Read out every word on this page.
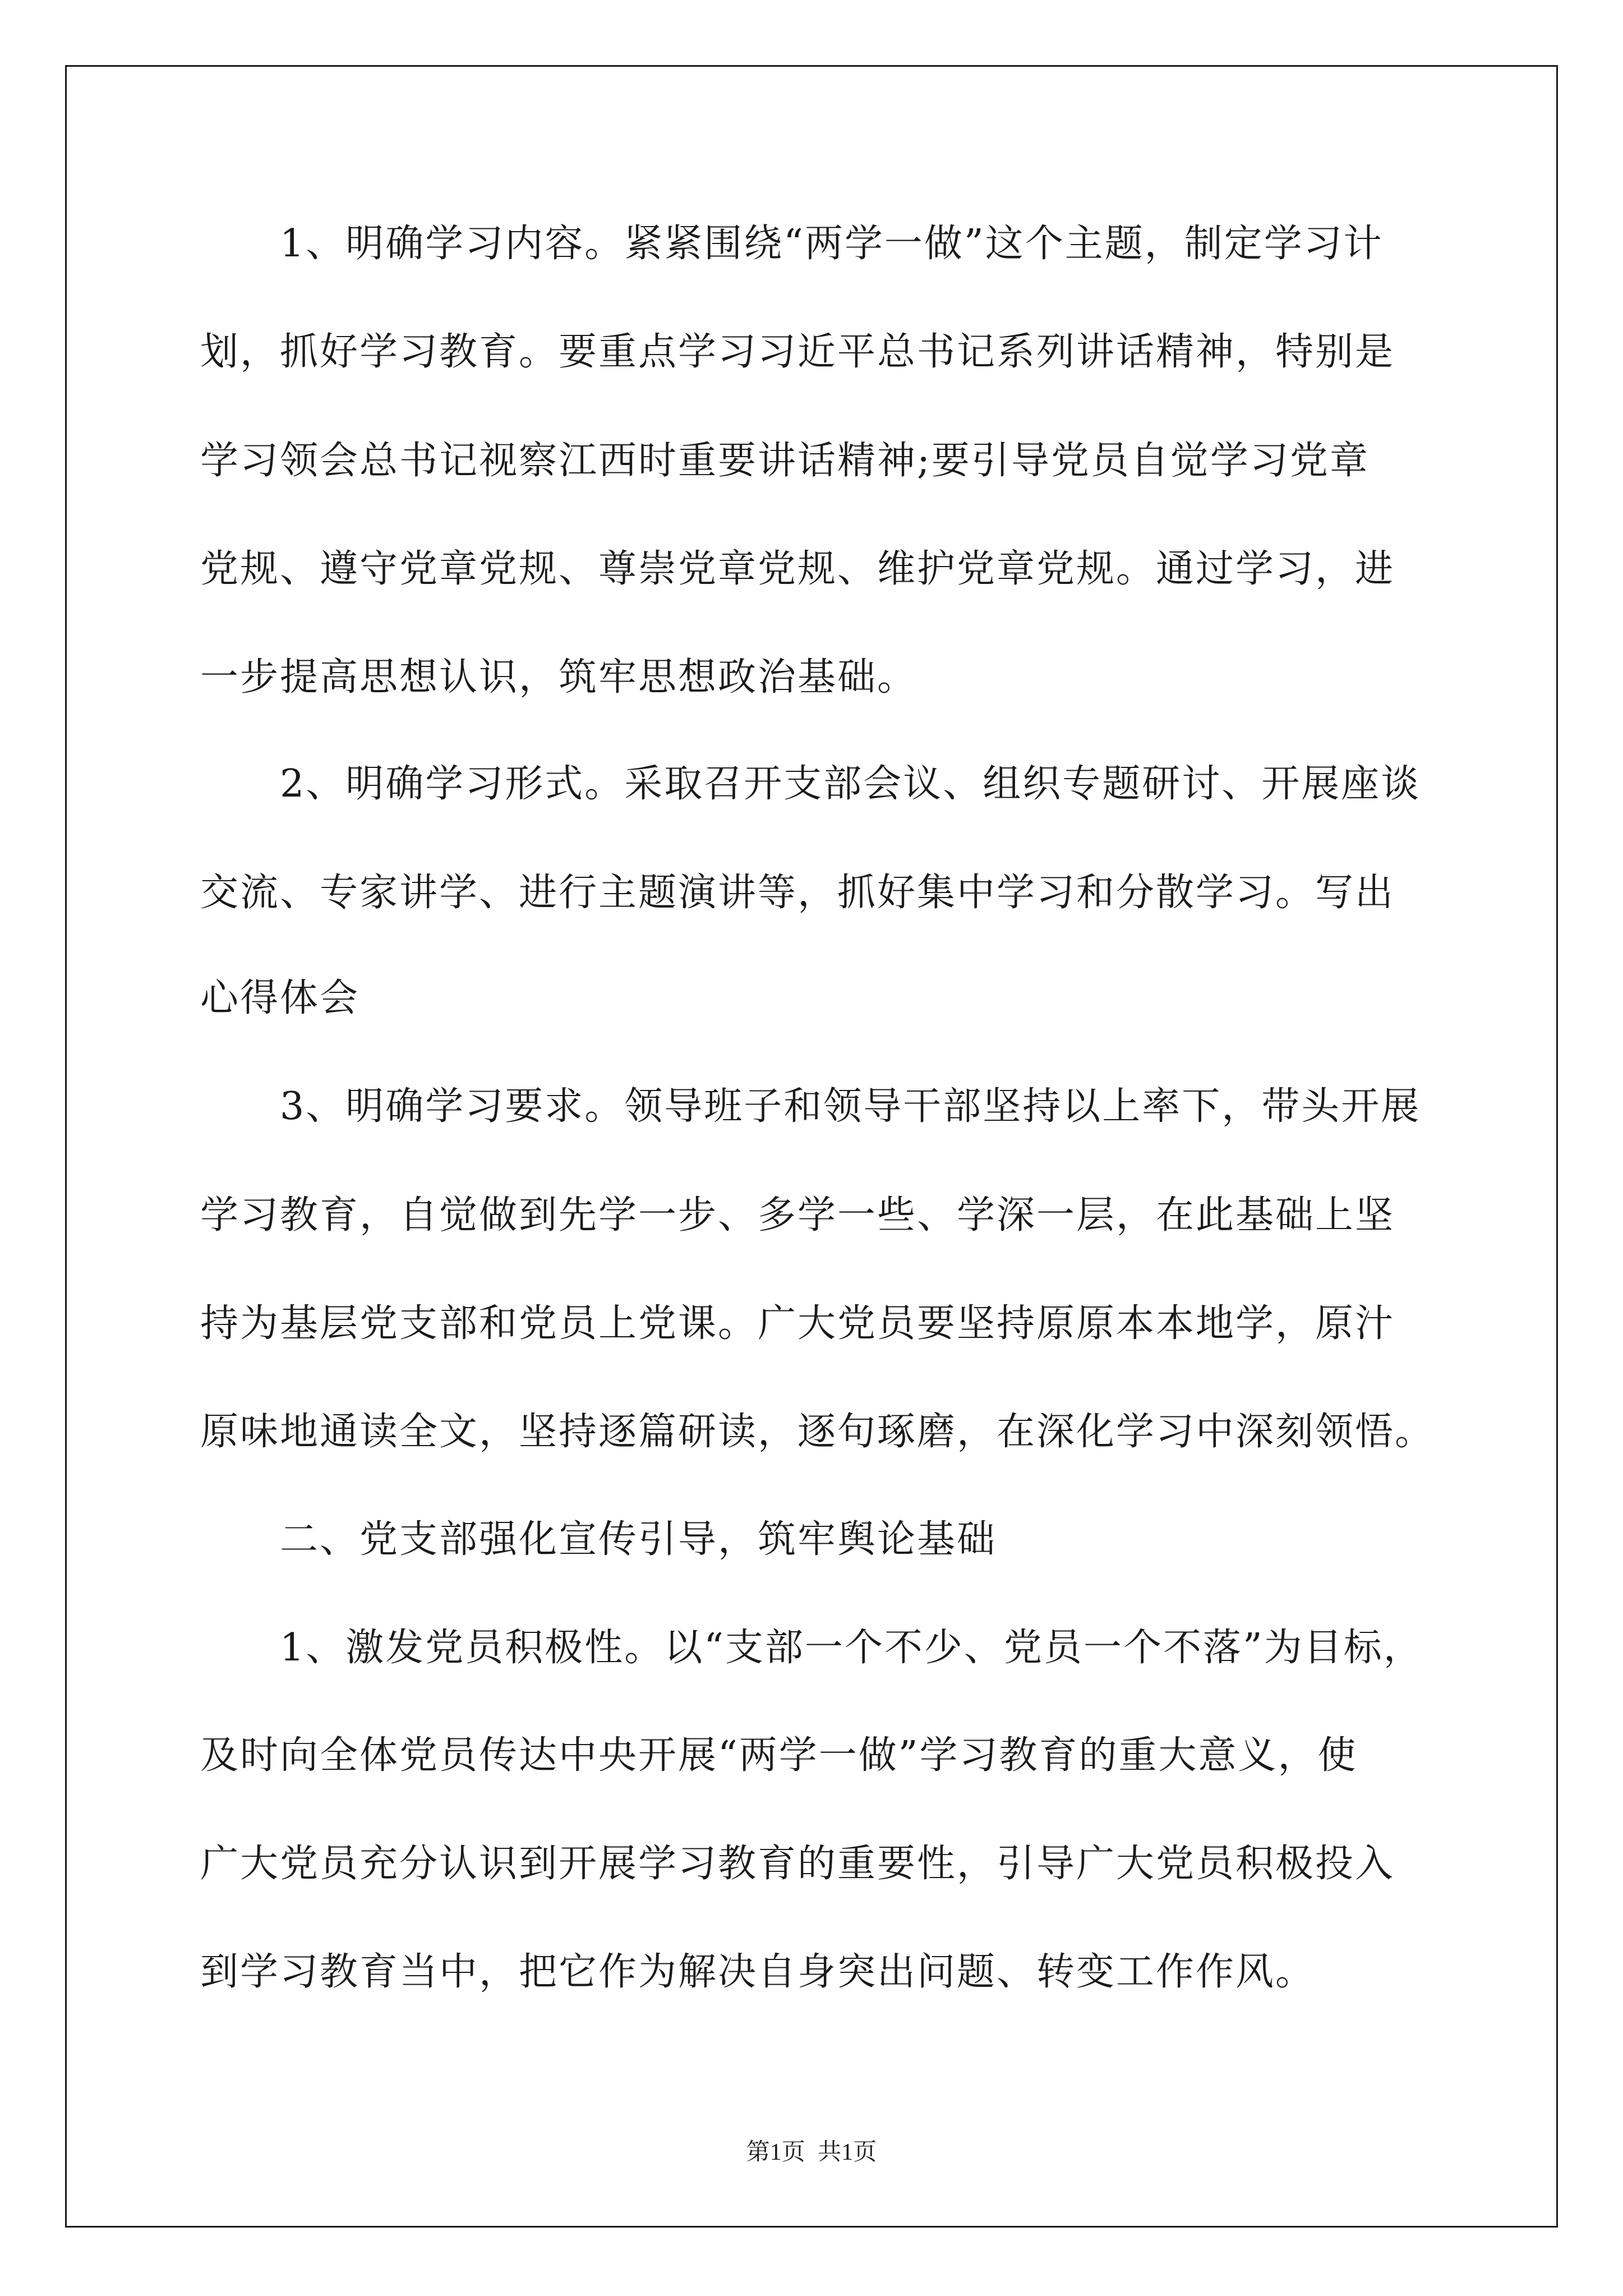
　　1、明确学习内容。紧紧围绕“两学一做”这个主题，制定学习计
划，抓好学习教育。要重点学习习近平总书记系列讲话精神，特别是
学习领会总书记视察江西时重要讲话精神;要引导党员自觉学习党章
党规、遵守党章党规、尊崇党章党规、维护党章党规。通过学习，进
一步提高思想认识，筑牢思想政治基础。
　　2、明确学习形式。采取召开支部会议、组织专题研讨、开展座谈
交流、专家讲学、进行主题演讲等，抓好集中学习和分散学习。写出
心得体会
　　3、明确学习要求。领导班子和领导干部坚持以上率下，带头开展
学习教育，自觉做到先学一步、多学一些、学深一层，在此基础上坚
持为基层党支部和党员上党课。广大党员要坚持原原本本地学，原汁
原味地通读全文，坚持逐篇研读，逐句琢磨，在深化学习中深刻领悟。
　　二、党支部强化宣传引导，筑牢舆论基础
　　1、激发党员积极性。以“支部一个不少、党员一个不落”为目标，
及时向全体党员传达中央开展“两学一做”学习教育的重大意义，使
广大党员充分认识到开展学习教育的重要性，引导广大党员积极投入
到学习教育当中，把它作为解决自身突出问题、转变工作作风。
第1页 共1页
